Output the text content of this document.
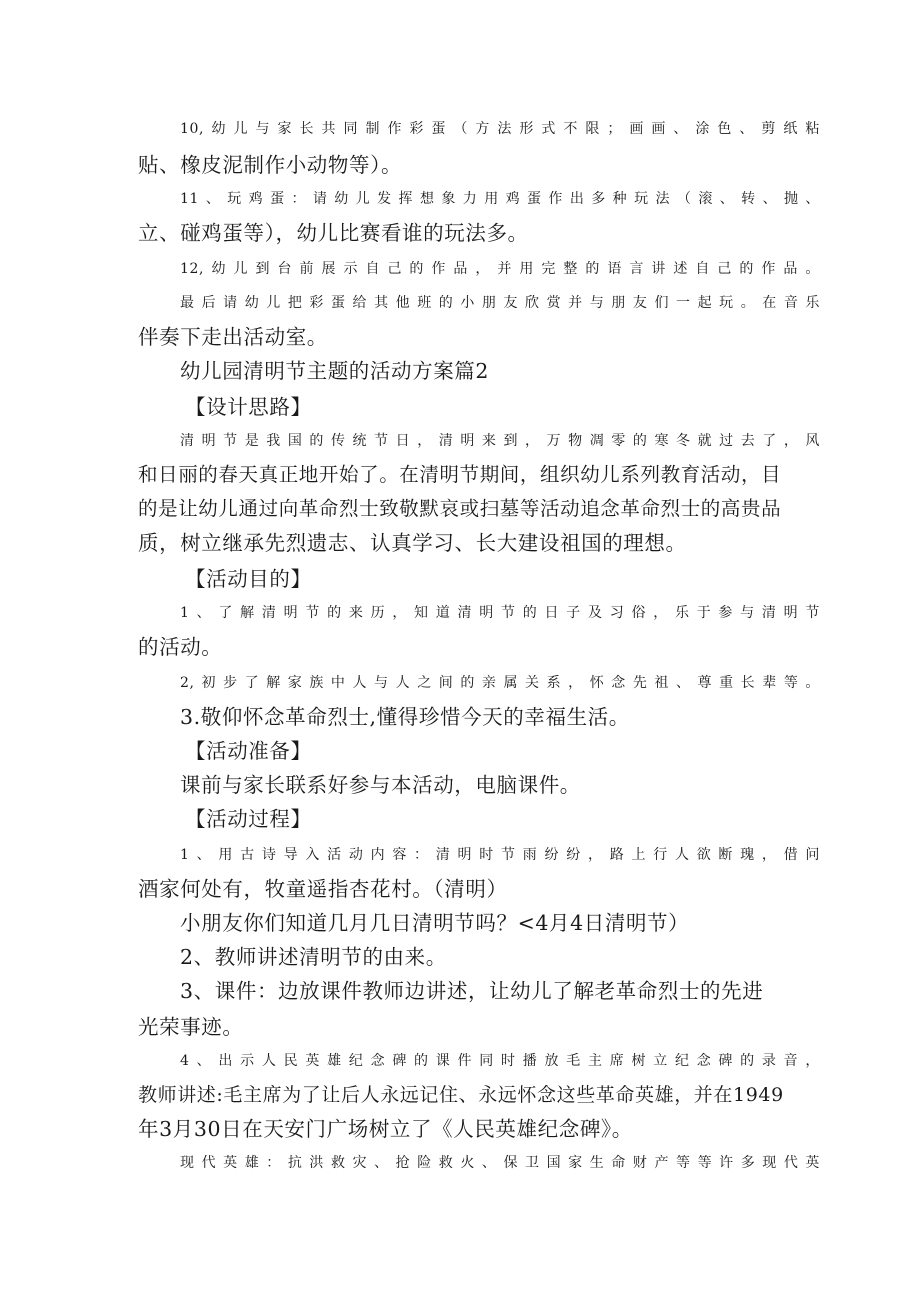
10,幼儿与家长共同制作彩蛋（方法形式不限；画画、涂色、剪纸粘
贴、橡皮泥制作小动物等）。
11、玩鸡蛋：请幼儿发挥想象力用鸡蛋作出多种玩法（滚、转、抛、
立、碰鸡蛋等），幼儿比赛看谁的玩法多。
12,幼儿到台前展示自己的作品，并用完整的语言讲述自己的作品。
最后请幼儿把彩蛋给其他班的小朋友欣赏并与朋友们一起玩。在音乐
伴奏下走出活动室。
幼儿园清明节主题的活动方案篇2
【设计思路】
清明节是我国的传统节日，清明来到，万物凋零的寒冬就过去了，风
和日丽的春天真正地开始了。在清明节期间，组织幼儿系列教育活动，目
的是让幼儿通过向革命烈士致敬默哀或扫墓等活动追念革命烈士的高贵品
质，树立继承先烈遗志、认真学习、长大建设祖国的理想。
【活动目的】
1、了解清明节的来历，知道清明节的日子及习俗，乐于参与清明节
的活动。
2,初步了解家族中人与人之间的亲属关系，怀念先祖、尊重长辈等。
3.敬仰怀念革命烈士,懂得珍惜今天的幸福生活。
【活动准备】
课前与家长联系好参与本活动，电脑课件。
【活动过程】
1、用古诗导入活动内容：清明时节雨纷纷，路上行人欲断瑰，借问
酒家何处有，牧童遥指杏花村。（清明）
小朋友你们知道几月几日清明节吗？<4月4日清明节）
2、教师讲述清明节的由来。
3、课件：边放课件教师边讲述，让幼儿了解老革命烈士的先进
光荣事迹。
4、出示人民英雄纪念碑的课件同时播放毛主席树立纪念碑的录音，
教师讲述:毛主席为了让后人永远记住、永远怀念这些革命英雄，并在1949
年3月30日在天安门广场树立了《人民英雄纪念碑》。
现代英雄：抗洪救灾、抢险救火、保卫国家生命财产等等许多现代英
